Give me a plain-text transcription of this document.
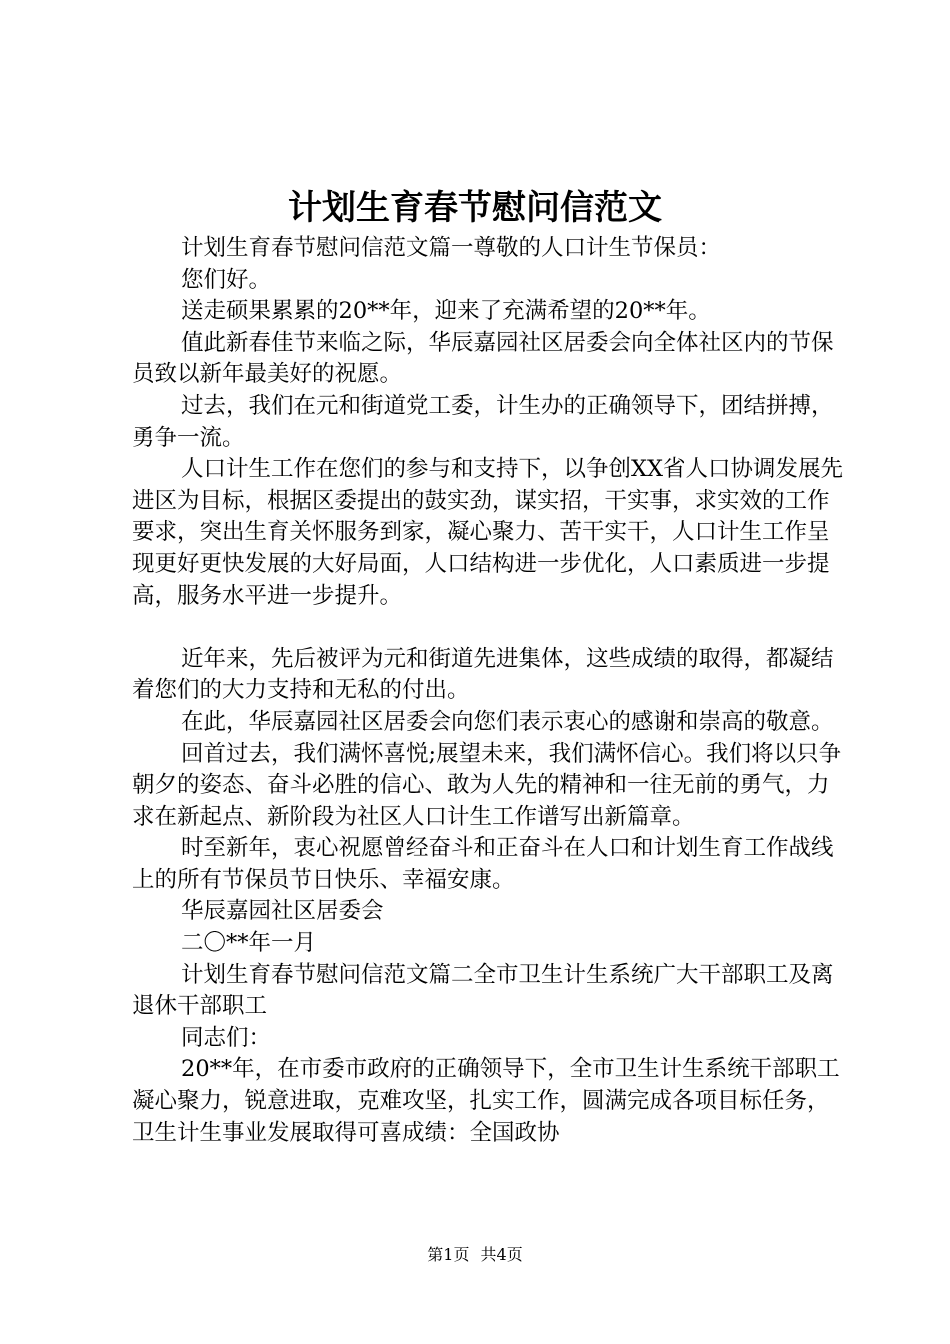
计划生育春节慰问信范文

计划生育春节慰问信范文篇一尊敬的人口计生节保员：

您们好。

送走硕果累累的20**年，迎来了充满希望的20**年。

值此新春佳节来临之际，华辰嘉园社区居委会向全体社区内的节保员致以新年最美好的祝愿。

过去，我们在元和街道党工委，计生办的正确领导下，团结拼搏，勇争一流。

人口计生工作在您们的参与和支持下，以争创XX省人口协调发展先进区为目标，根据区委提出的鼓实劲，谋实招，干实事，求实效的工作要求，突出生育关怀服务到家，凝心聚力、苦干实干，人口计生工作呈现更好更快发展的大好局面，人口结构进一步优化，人口素质进一步提高，服务水平进一步提升。

近年来，先后被评为元和街道先进集体，这些成绩的取得，都凝结着您们的大力支持和无私的付出。

在此，华辰嘉园社区居委会向您们表示衷心的感谢和崇高的敬意。

回首过去，我们满怀喜悦;展望未来，我们满怀信心。我们将以只争朝夕的姿态、奋斗必胜的信心、敢为人先的精神和一往无前的勇气，力求在新起点、新阶段为社区人口计生工作谱写出新篇章。

时至新年，衷心祝愿曾经奋斗和正奋斗在人口和计划生育工作战线上的所有节保员节日快乐、幸福安康。

华辰嘉园社区居委会

二〇**年一月

计划生育春节慰问信范文篇二全市卫生计生系统广大干部职工及离退休干部职工

同志们：

20**年，在市委市政府的正确领导下，全市卫生计生系统干部职工凝心聚力，锐意进取，克难攻坚，扎实工作，圆满完成各项目标任务，卫生计生事业发展取得可喜成绩：全国政协

第1页 共4页
